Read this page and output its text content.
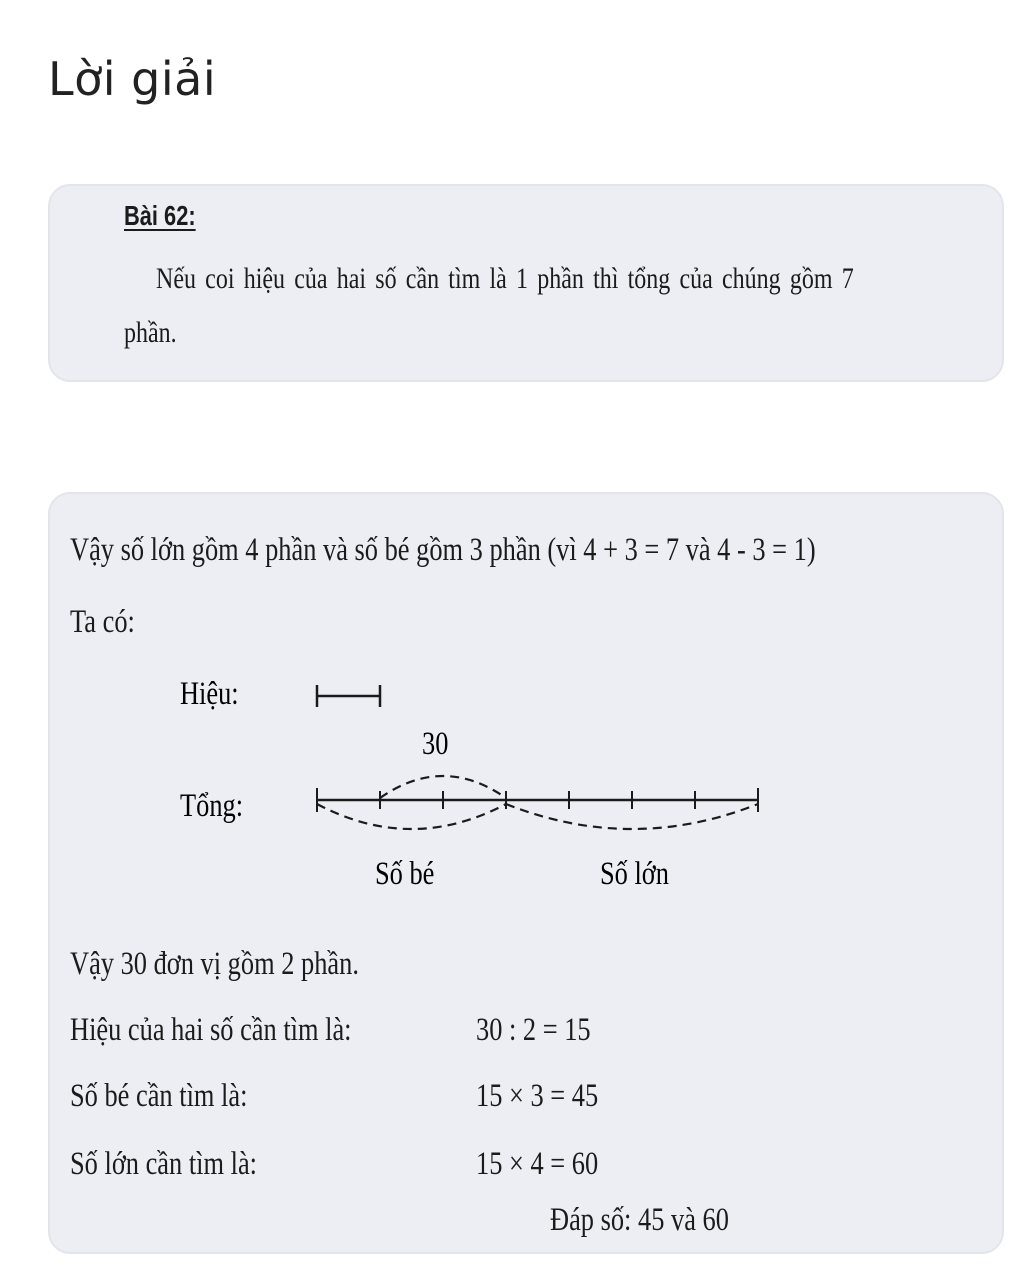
Lời giải
Bài 62:
Nếu coi hiệu của hai số cần tìm là 1 phần thì tổng của chúng gồm 7
phần.
Vậy số lớn gồm 4 phần và số bé gồm 3 phần (vì 4 + 3 = 7 và 4 - 3 = 1)
Ta có:
Hiệu:
Tổng:
30
Số bé	Số lớn
Vậy 30 đơn vị gồm 2 phần.
Hiệu của hai số cần tìm là:	30 : 2 = 15
Số bé cần tìm là:	15 × 3 = 45
Số lớn cần tìm là:	15 × 4 = 60
Đáp số: 45 và 60
